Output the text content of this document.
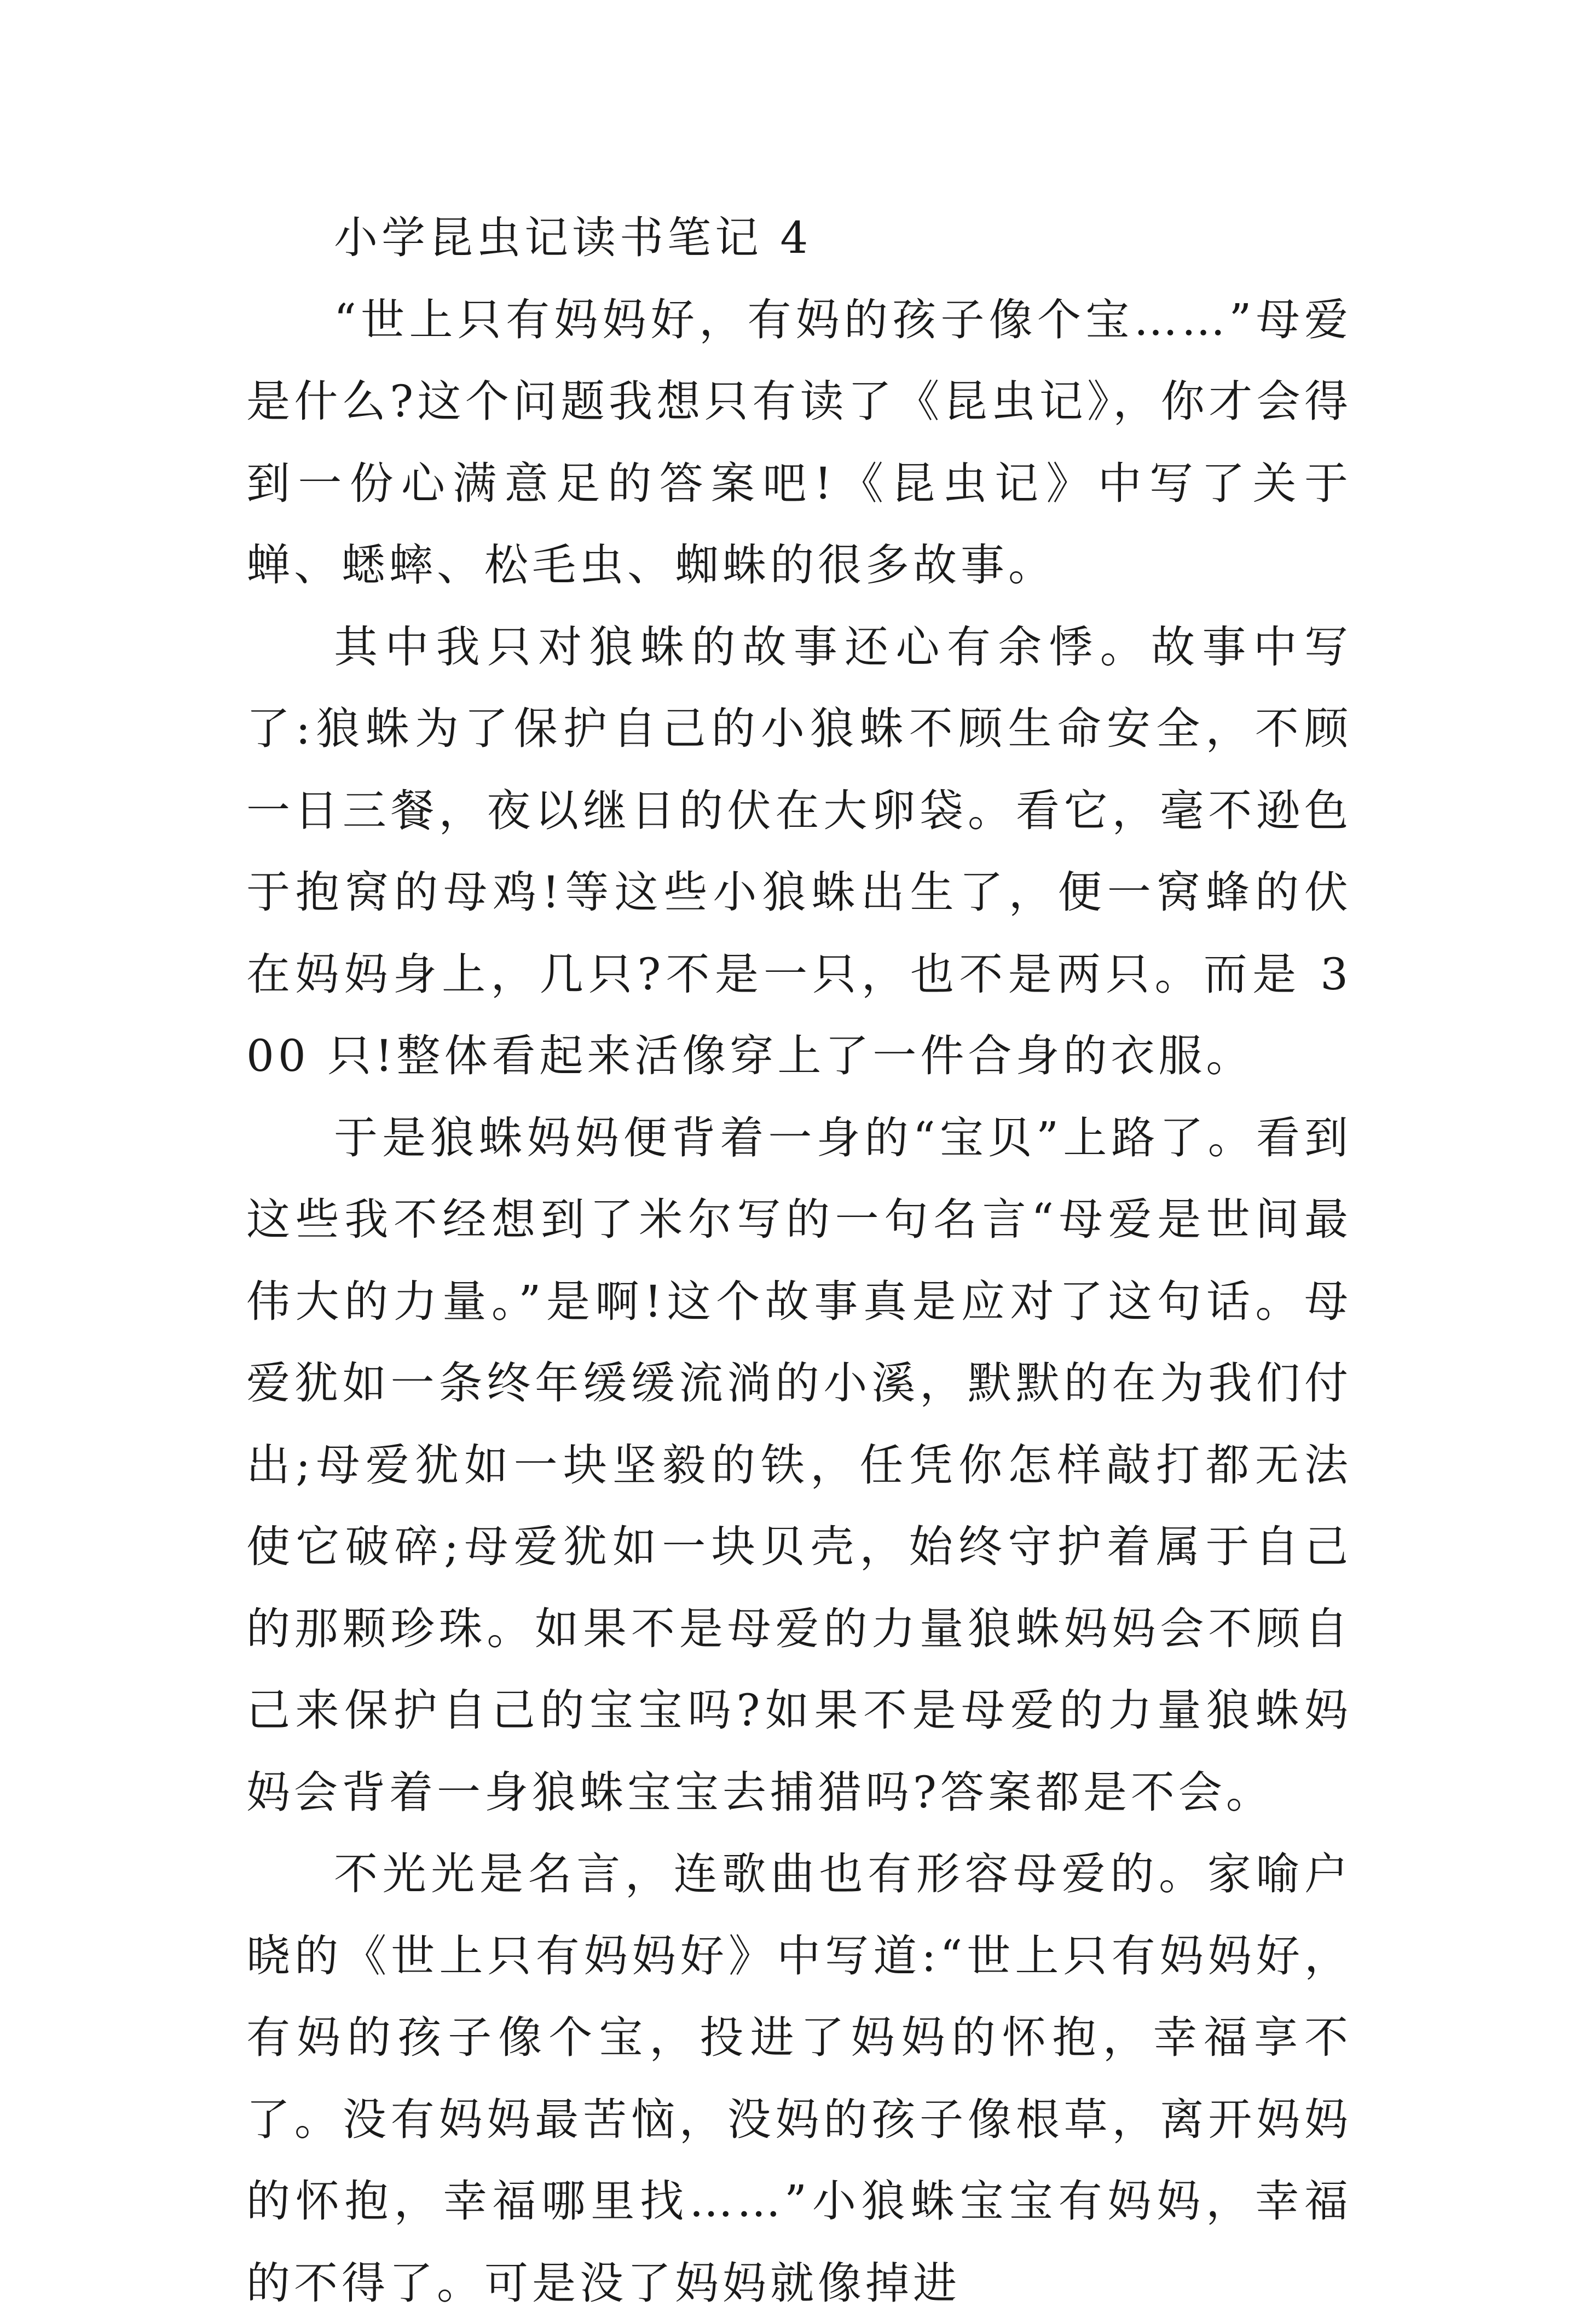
小学昆虫记读书笔记 4

“世上只有妈妈好，有妈的孩子像个宝……”母爱是什么?这个问题我想只有读了《昆虫记》，你才会得到一份心满意足的答案吧!《昆虫记》中写了关于蝉、蟋蟀、松毛虫、蜘蛛的很多故事。

其中我只对狼蛛的故事还心有余悸。故事中写了:狼蛛为了保护自己的小狼蛛不顾生命安全，不顾一日三餐，夜以继日的伏在大卵袋。看它，毫不逊色于抱窝的母鸡!等这些小狼蛛出生了，便一窝蜂的伏在妈妈身上，几只?不是一只，也不是两只。而是 300 只!整体看起来活像穿上了一件合身的衣服。

于是狼蛛妈妈便背着一身的“宝贝”上路了。看到这些我不经想到了米尔写的一句名言“母爱是世间最伟大的力量。”是啊!这个故事真是应对了这句话。母爱犹如一条终年缓缓流淌的小溪，默默的在为我们付出;母爱犹如一块坚毅的铁，任凭你怎样敲打都无法使它破碎;母爱犹如一块贝壳，始终守护着属于自己的那颗珍珠。如果不是母爱的力量狼蛛妈妈会不顾自己来保护自己的宝宝吗?如果不是母爱的力量狼蛛妈妈会背着一身狼蛛宝宝去捕猎吗?答案都是不会。

不光光是名言，连歌曲也有形容母爱的。家喻户晓的《世上只有妈妈好》中写道:“世上只有妈妈好，有妈的孩子像个宝，投进了妈妈的怀抱，幸福享不了。没有妈妈最苦恼，没妈的孩子像根草，离开妈妈的怀抱，幸福哪里找……”小狼蛛宝宝有妈妈，幸福的不得了。可是没了妈妈就像掉进
